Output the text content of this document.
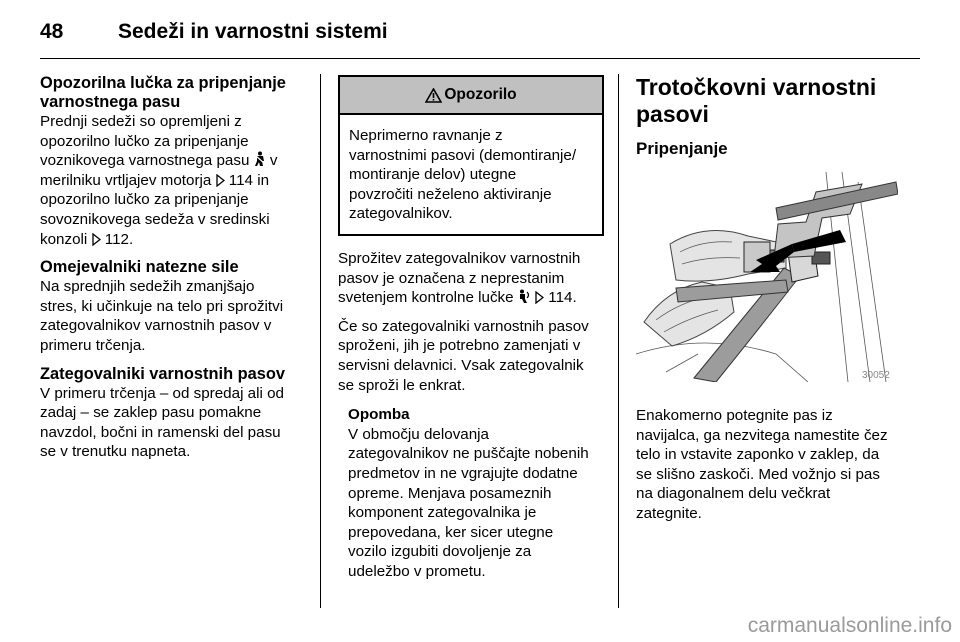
48	Sedeži in varnostni sistemi
Opozorilna lučka za pripenjanje varnostnega pasu
Prednji sedeži so opremljeni z
opozorilno lučko za pripenjanje
voznikovega varnostnega pasu v
merilniku vrtljajev motorja 114 in
opozorilno lučko za pripenjanje
sovoznikovega sedeža v sredinski
konzoli 112.
Omejevalniki natezne sile
Na sprednjih sedežih zmanjšajo
stres, ki učinkuje na telo pri sprožitvi
zategovalnikov varnostnih pasov v
primeru trčenja.
Zategovalniki varnostnih pasov
V primeru trčenja – od spredaj ali od
zadaj – se zaklep pasu pomakne
navzdol, bočni in ramenski del pasu
se v trenutku napneta.
Opozorilo
Neprimerno ravnanje z
varnostnimi pasovi (demontiranje/
montiranje delov) utegne
povzročiti neželeno aktiviranje
zategovalnikov.
Sprožitev zategovalnikov varnostnih
pasov je označena z neprestanim
svetenjem kontrolne lučke 114.
Če so zategovalniki varnostnih pasov
sproženi, jih je potrebno zamenjati v
servisni delavnici. Vsak zategovalnik
se sproži le enkrat.
Opomba
V območju delovanja
zategovalnikov ne puščajte nobenih
predmetov in ne vgrajujte dodatne
opreme. Menjava posameznih
komponent zategovalnika je
prepovedana, ker sicer utegne
vozilo izgubiti dovoljenje za
udeležbo v prometu.
Trotočkovni varnostni
pasovi
Pripenjanje
30052
Enakomerno potegnite pas iz
navijalca, ga nezvitega namestite čez
telo in vstavite zaponko v zaklep, da
se slišno zaskoči. Med vožnjo si pas
na diagonalnem delu večkrat
zategnite.
carmanualsonline.info
